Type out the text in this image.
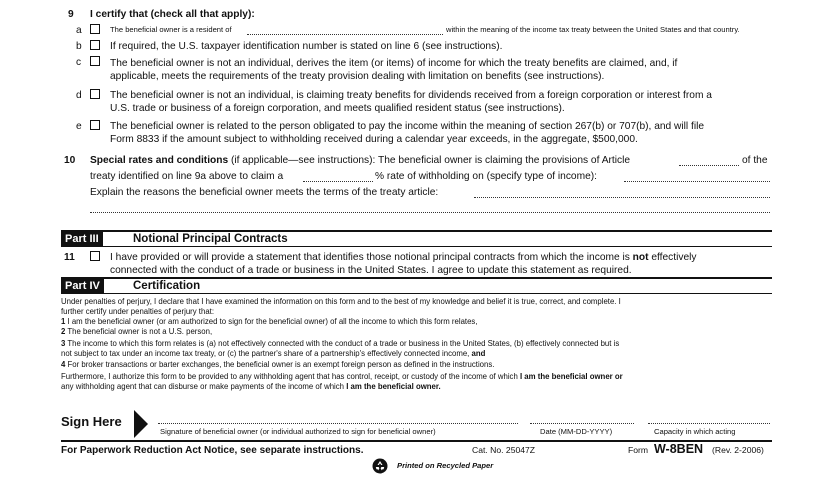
9 I certify that (check all that apply):
a	The beneficial owner is a resident of	within the meaning of the income tax treaty between the United States and that country.
b	If required, the U.S. taxpayer identification number is stated on line 6 (see instructions).
c	The beneficial owner is not an individual, derives the item (or items) of income for which the treaty benefits are claimed, and, if
applicable, meets the requirements of the treaty provision dealing with limitation on benefits (see instructions).
d	The beneficial owner is not an individual, is claiming treaty benefits for dividends received from a foreign corporation or interest from a
U.S. trade or business of a foreign corporation, and meets qualified resident status (see instructions).
e	The beneficial owner is related to the person obligated to pay the income within the meaning of section 267(b) or 707(b), and will file
Form 8833 if the amount subject to withholding received during a calendar year exceeds, in the aggregate, $500,000.
10 Special rates and conditions (if applicable—see instructions): The beneficial owner is claiming the provisions of Article	of the
treaty identified on line 9a above to claim a	% rate of withholding on (specify type of income):
Explain the reasons the beneficial owner meets the terms of the treaty article:
Part III	Notional Principal Contracts
11	I have provided or will provide a statement that identifies those notional principal contracts from which the income is not effectively
connected with the conduct of a trade or business in the United States. I agree to update this statement as required.
Part IV	Certification
Under penalties of perjury, I declare that I have examined the information on this form and to the best of my knowledge and belief it is true, correct, and complete. I
further certify under penalties of perjury that:
1 I am the beneficial owner (or am authorized to sign for the beneficial owner) of all the income to which this form relates,
2 The beneficial owner is not a U.S. person,
3 The income to which this form relates is (a) not effectively connected with the conduct of a trade or business in the United States, (b) effectively connected but is
not subject to tax under an income tax treaty, or (c) the partner's share of a partnership's effectively connected income, and
4 For broker transactions or barter exchanges, the beneficial owner is an exempt foreign person as defined in the instructions.
Furthermore, I authorize this form to be provided to any withholding agent that has control, receipt, or custody of the income of which I am the beneficial owner or
any withholding agent that can disburse or make payments of the income of which I am the beneficial owner.
Sign Here
Signature of beneficial owner (or individual authorized to sign for beneficial owner)	Date (MM-DD-YYYY)	Capacity in which acting
For Paperwork Reduction Act Notice, see separate instructions.	Cat. No. 25047Z	Form W-8BEN (Rev. 2-2006)
Printed on Recycled Paper
